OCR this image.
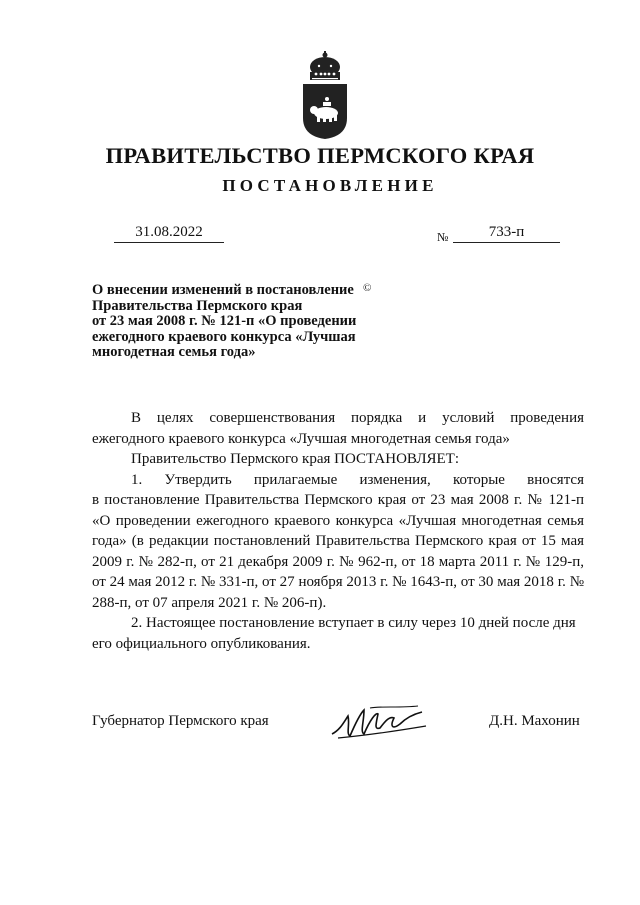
ПРАВИТЕЛЬСТВО ПЕРМСКОГО КРАЯ
ПОСТАНОВЛЕНИЕ
31.08.2022	№	733-п
О внесении изменений в постановление
Правительства Пермского края
от 23 мая 2008 г. № 121-п «О проведении
ежегодного краевого конкурса «Лучшая
многодетная семья года»
©

В целях совершенствования порядка и условий проведения

ежегодного краевого конкурса «Лучшая многодетная семья года»

Правительство Пермского края ПОСТАНОВЛЯЕТ:

1. Утвердить прилагаемые изменения, которые вносятся

в постановление Правительства Пермского края от 23 мая 2008 г. № 121-п «О проведении ежегодного краевого конкурса «Лучшая многодетная семья года» (в редакции постановлений Правительства Пермского края от 15 мая 2009 г. № 282-п, от 21 декабря 2009 г. № 962-п, от 18 марта 2011 г. № 129-п, от 24 мая 2012 г. № 331-п, от 27 ноября 2013 г. № 1643-п, от 30 мая 2018 г. № 288-п, от 07 апреля 2021 г. № 206-п).

2. Настоящее постановление вступает в силу через 10 дней после дня

его официального опубликования.

Губернатор Пермского края	Д.Н. Махонин
